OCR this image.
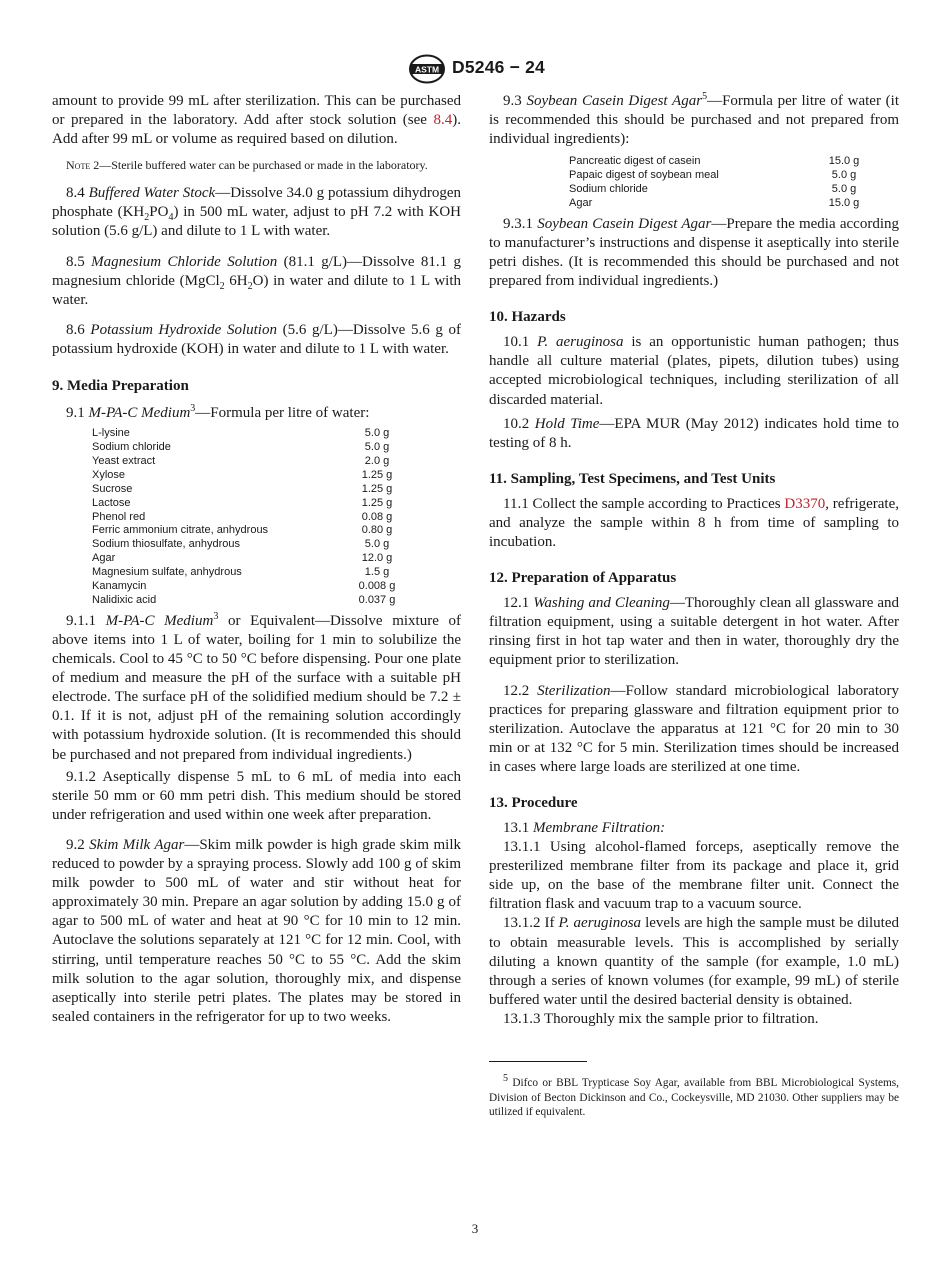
ASTM D5246 − 24

amount to provide 99 mL after sterilization. This can be purchased or prepared in the laboratory. Add after stock solution (see 8.4). Add after 99 mL or volume as required based on dilution.

Note 2—Sterile buffered water can be purchased or made in the laboratory.

8.4 Buffered Water Stock—Dissolve 34.0 g potassium dihydrogen phosphate $(KH_2PO_4)$ in 500 mL water, adjust to pH 7.2 with KOH solution (5.6 g/L) and dilute to 1 L with water.

8.5 Magnesium Chloride Solution (81.1 g/L)—Dissolve 81.1 g magnesium chloride (MgCl$_2$ $6H_2O$) in water and dilute to 1 L with water.

8.6 Potassium Hydroxide Solution (5.6 g/L)—Dissolve 5.6 g of potassium hydroxide (KOH) in water and dilute to 1 L with water.

9. Media Preparation

9.1 M-PA-C Medium$^3$—Formula per litre of water:

L-lysine	5.0 g
Sodium chloride	5.0 g
Yeast extract	2.0 g
Xylose	1.25 g
Sucrose	1.25 g
Lactose	1.25 g
Phenol red	0.08 g
Ferric ammonium citrate, anhydrous	0.80 g
Sodium thiosulfate, anhydrous	5.0 g
Agar	12.0 g
Magnesium sulfate, anhydrous	1.5 g
Kanamycin	0.008 g
Nalidixic acid	0.037 g

9.1.1 M-PA-C Medium$^3$ or Equivalent—Dissolve mixture of above items into 1 L of water, boiling for 1 min to solubilize the chemicals. Cool to 45 °C to 50 °C before dispensing. Pour one plate of medium and measure the pH of the surface with a suitable pH electrode. The surface pH of the solidified medium should be 7.2 ± 0.1. If it is not, adjust pH of the remaining solution accordingly with potassium hydroxide solution. (It is recommended this should be purchased and not prepared from individual ingredients.)

9.1.2 Aseptically dispense 5 mL to 6 mL of media into each sterile 50 mm or 60 mm petri dish. This medium should be stored under refrigeration and used within one week after preparation.

9.2 Skim Milk Agar—Skim milk powder is high grade skim milk reduced to powder by a spraying process. Slowly add 100 g of skim milk powder to 500 mL of water and stir without heat for approximately 30 min. Prepare an agar solution by adding 15.0 g of agar to 500 mL of water and heat at 90 °C for 10 min to 12 min. Autoclave the solutions separately at 121 °C for 12 min. Cool, with stirring, until temperature reaches 50 °C to 55 °C. Add the skim milk solution to the agar solution, thoroughly mix, and dispense aseptically into sterile petri plates. The plates may be stored in sealed containers in the refrigerator for up to two weeks.

9.3 Soybean Casein Digest Agar$^5$—Formula per litre of water (it is recommended this should be purchased and not prepared from individual ingredients):

Pancreatic digest of casein	15.0 g
Papaic digest of soybean meal	5.0 g
Sodium chloride	5.0 g
Agar	15.0 g

9.3.1 Soybean Casein Digest Agar—Prepare the media according to manufacturer’s instructions and dispense it aseptically into sterile petri dishes. (It is recommended this should be purchased and not prepared from individual ingredients.)

10. Hazards

10.1 P. aeruginosa is an opportunistic human pathogen; thus handle all culture material (plates, pipets, dilution tubes) using accepted microbiological techniques, including sterilization of all discarded material.

10.2 Hold Time—EPA MUR (May 2012) indicates hold time to testing of 8 h.

11. Sampling, Test Specimens, and Test Units

11.1 Collect the sample according to Practices D3370, refrigerate, and analyze the sample within 8 h from time of sampling to incubation.

12. Preparation of Apparatus

12.1 Washing and Cleaning—Thoroughly clean all glassware and filtration equipment, using a suitable detergent in hot water. After rinsing first in hot tap water and then in water, thoroughly dry the equipment prior to sterilization.

12.2 Sterilization—Follow standard microbiological laboratory practices for preparing glassware and filtration equipment prior to sterilization. Autoclave the apparatus at 121 °C for 20 min to 30 min or at 132 °C for 5 min. Sterilization times should be increased in cases where large loads are sterilized at one time.

13. Procedure

13.1 Membrane Filtration:

13.1.1 Using alcohol-flamed forceps, aseptically remove the presterilized membrane filter from its package and place it, grid side up, on the base of the membrane filter unit. Connect the filtration flask and vacuum trap to a vacuum source.

13.1.2 If P. aeruginosa levels are high the sample must be diluted to obtain measurable levels. This is accomplished by serially diluting a known quantity of the sample (for example, 1.0 mL) through a series of known volumes (for example, 99 mL) of sterile buffered water until the desired bacterial density is obtained.

13.1.3 Thoroughly mix the sample prior to filtration.

$^5$ Difco or BBL Trypticase Soy Agar, available from BBL Microbiological Systems, Division of Becton Dickinson and Co., Cockeysville, MD 21030. Other suppliers may be utilized if equivalent.
3
